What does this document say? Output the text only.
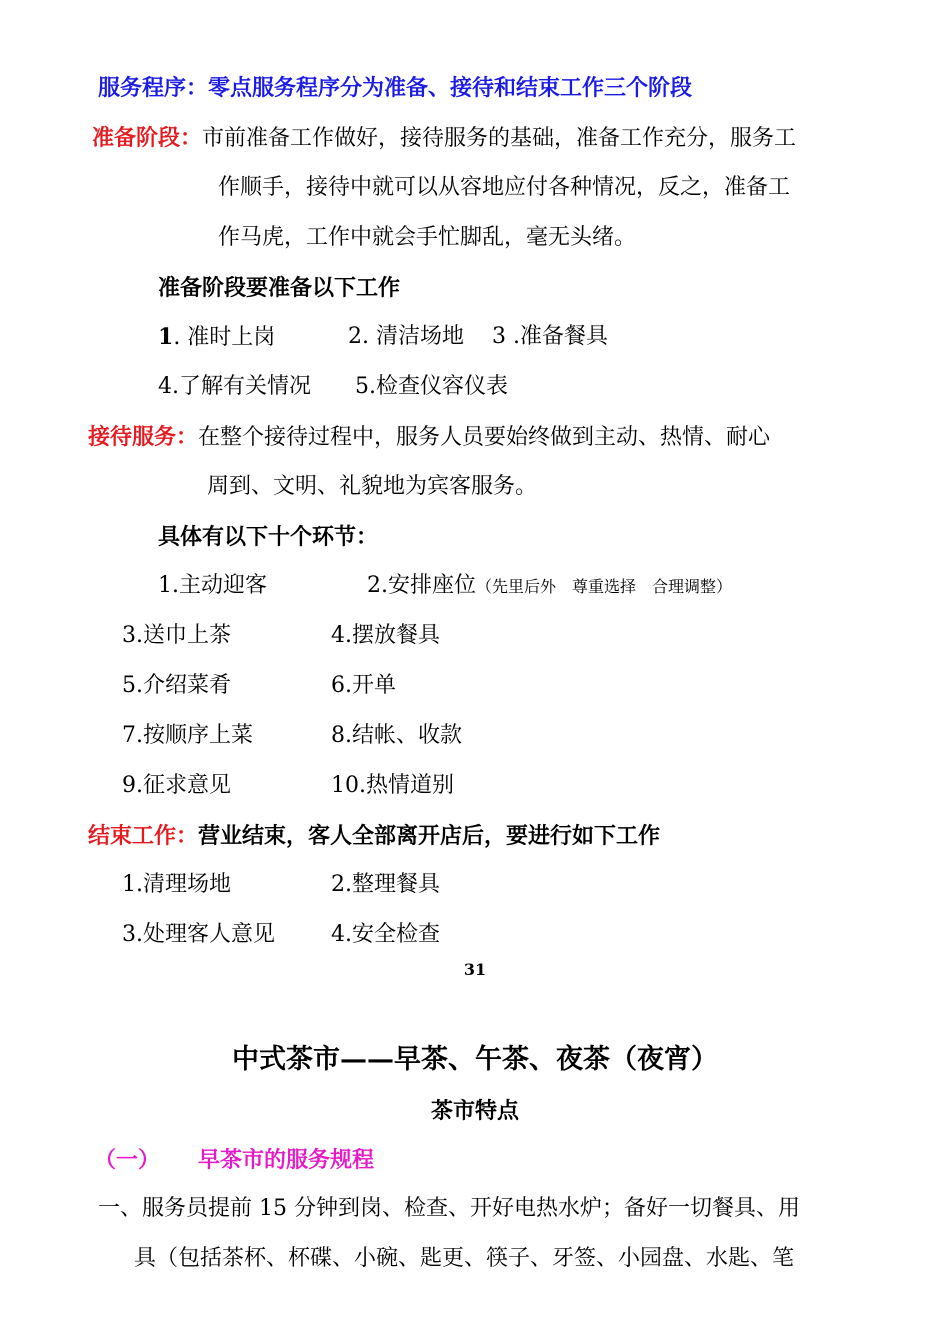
服务程序：零点服务程序分为准备、接待和结束工作三个阶段
准备阶段：市前准备工作做好，接待服务的基础，准备工作充分，服务工
作顺手，接待中就可以从容地应付各种情况，反之，准备工
作马虎，工作中就会手忙脚乱，毫无头绪。
准备阶段要准备以下工作
1. 准时上岗	2. 清洁场地 3 .准备餐具
4.了解有关情况 5.检查仪容仪表
接待服务：在整个接待过程中，服务人员要始终做到主动、热情、耐心
周到、文明、礼貌地为宾客服务。
具体有以下十个环节：
1.主动迎客	2.安排座位（先里后外　尊重选择　合理调整）
3.送巾上茶	4.摆放餐具
5.介绍菜肴	6.开单
7.按顺序上菜	8.结帐、收款
9.征求意见	10.热情道别
结束工作：营业结束，客人全部离开店后，要进行如下工作
1.清理场地	2.整理餐具
3.处理客人意见	4.安全检查
31
中式茶市——早茶、午茶、夜茶（夜宵）
茶市特点
（一） 早茶市的服务规程
一、服务员提前 15 分钟到岗、检查、开好电热水炉；备好一切餐具、用
具（包括茶杯、杯碟、小碗、匙更、筷子、牙签、小园盘、水匙、笔
